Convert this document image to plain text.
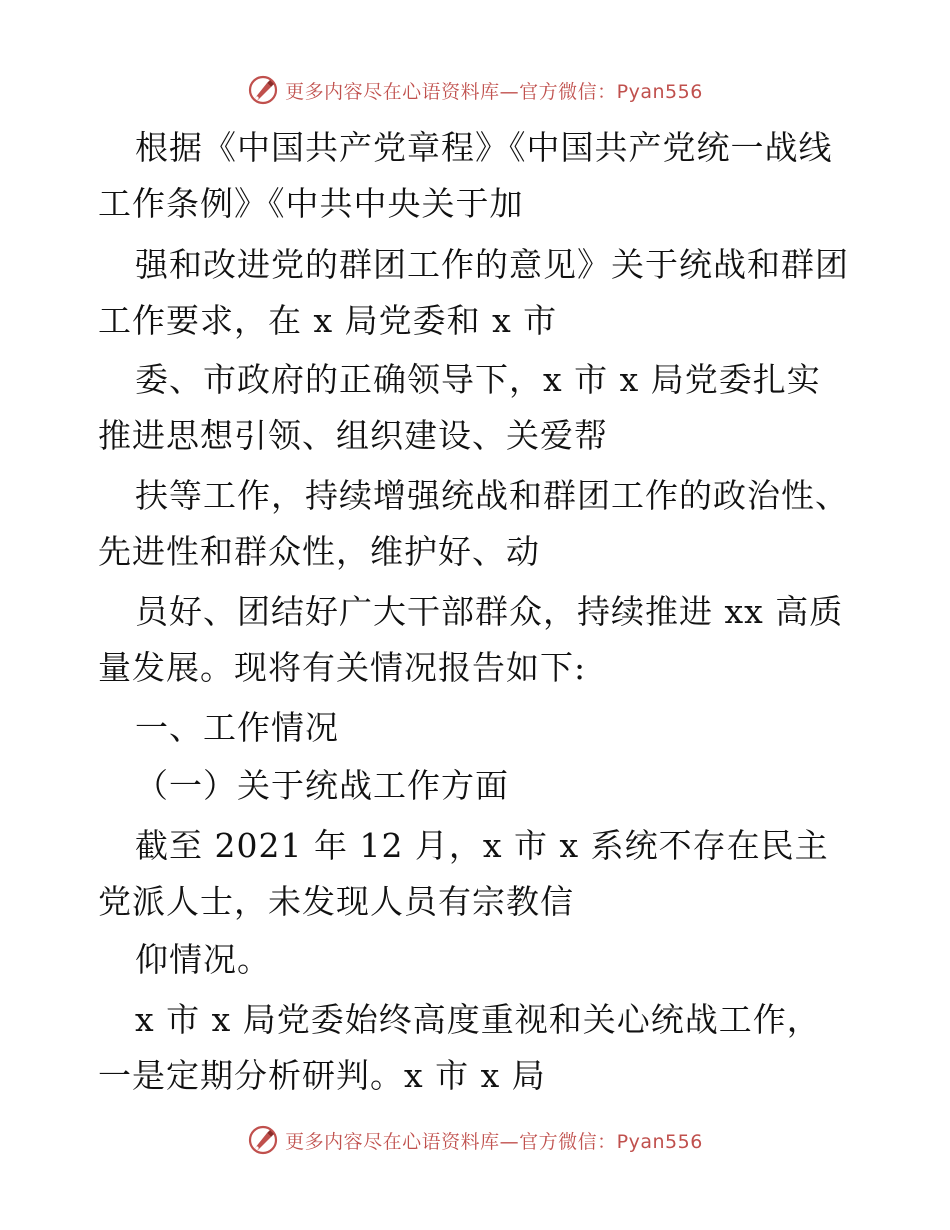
更多内容尽在心语资料库—官方微信：Pyan556
根据《中国共产党章程》《中国共产党统一战线
工作条例》《中共中央关于加
强和改进党的群团工作的意见》关于统战和群团
工作要求，在 x 局党委和 x 市
委、市政府的正确领导下，x 市 x 局党委扎实
推进思想引领、组织建设、关爱帮
扶等工作，持续增强统战和群团工作的政治性、
先进性和群众性，维护好、动
员好、团结好广大干部群众，持续推进 xx 高质
量发展。现将有关情况报告如下:
一、工作情况
（一）关于统战工作方面
截至 2021 年 12 月，x 市 x 系统不存在民主
党派人士，未发现人员有宗教信
仰情况。
x 市 x 局党委始终高度重视和关心统战工作，
一是定期分析研判。x 市 x 局
更多内容尽在心语资料库—官方微信：Pyan556
